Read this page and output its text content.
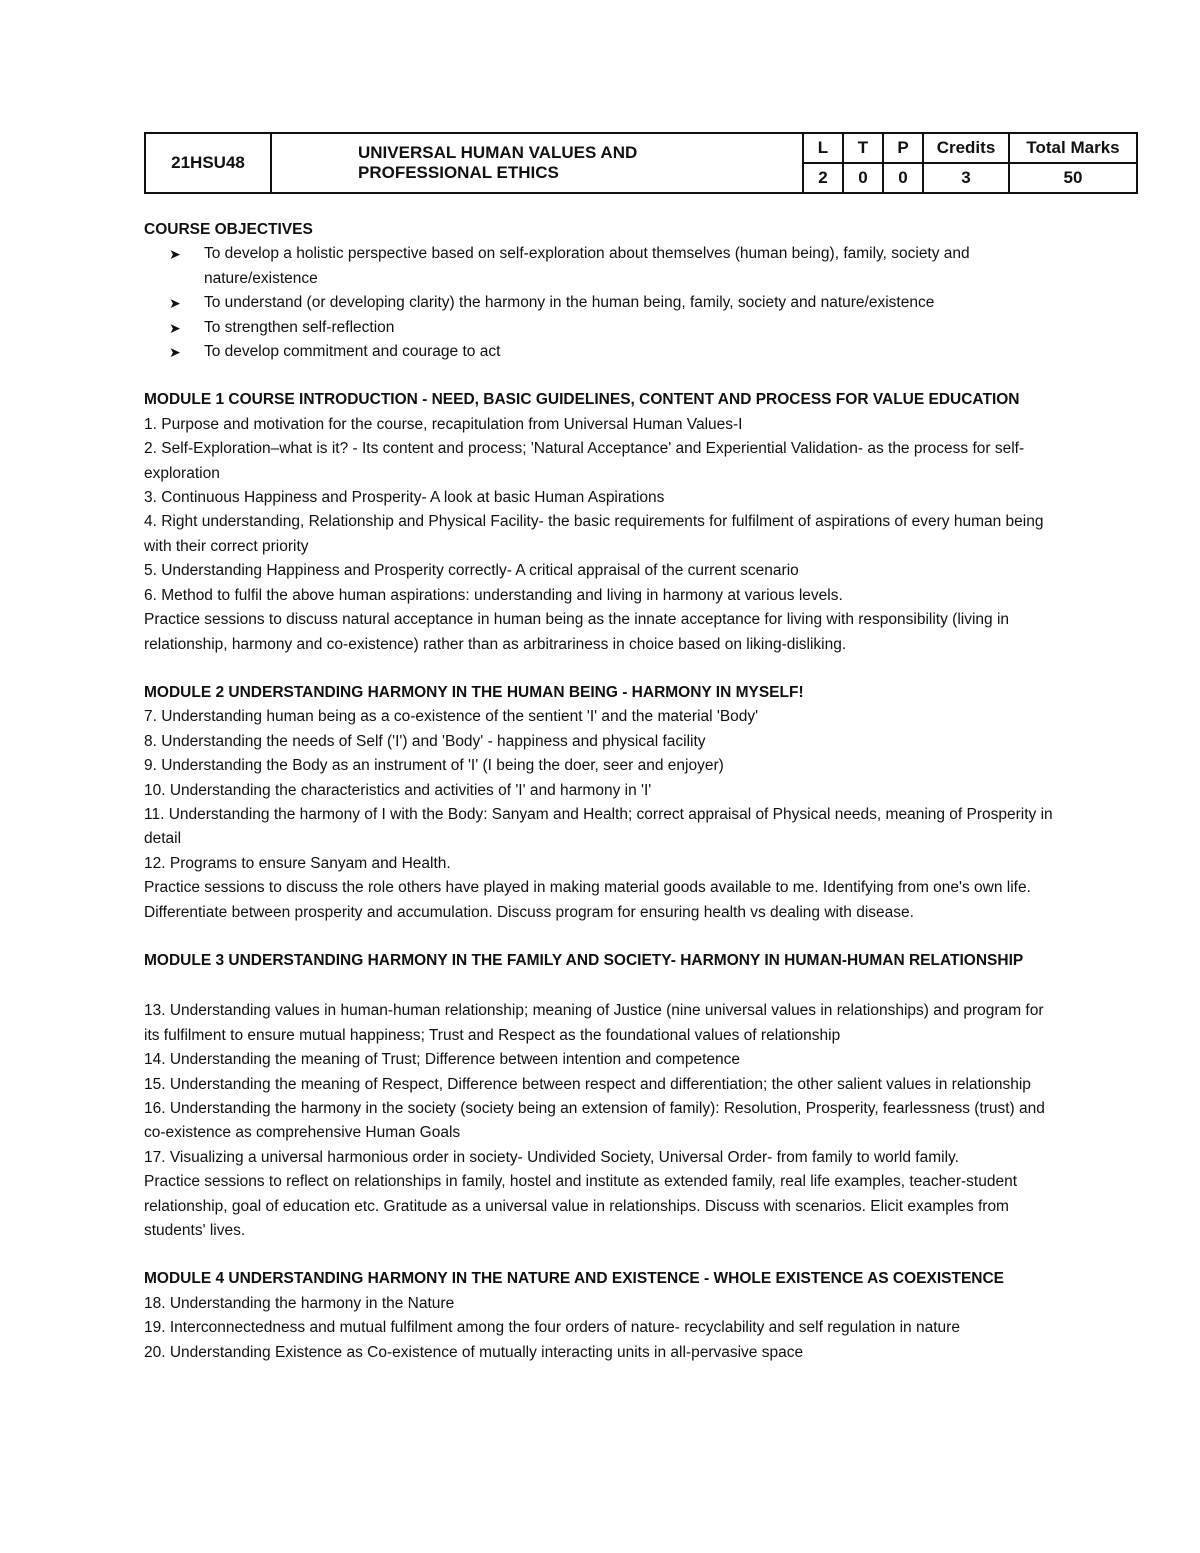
21HSU48	UNIVERSAL HUMAN VALUES AND
PROFESSIONAL ETHICS	L	T	P	Credits	Total Marks
		2	0	0	3	50
COURSE OBJECTIVES
➤ To develop a holistic perspective based on self-exploration about themselves (human being), family, society and nature/existence
➤ To understand (or developing clarity) the harmony in the human being, family, society and nature/existence
➤ To strengthen self-reflection
➤ To develop commitment and courage to act
MODULE 1 COURSE INTRODUCTION - NEED, BASIC GUIDELINES, CONTENT AND PROCESS FOR VALUE EDUCATION
1. Purpose and motivation for the course, recapitulation from Universal Human Values-I
2. Self-Exploration–what is it? - Its content and process; 'Natural Acceptance' and Experiential Validation- as the process for self-exploration
3. Continuous Happiness and Prosperity- A look at basic Human Aspirations
4. Right understanding, Relationship and Physical Facility- the basic requirements for fulfilment of aspirations of every human being with their correct priority
5. Understanding Happiness and Prosperity correctly- A critical appraisal of the current scenario
6. Method to fulfil the above human aspirations: understanding and living in harmony at various levels.
Practice sessions to discuss natural acceptance in human being as the innate acceptance for living with responsibility (living in relationship, harmony and co-existence) rather than as arbitrariness in choice based on liking-disliking.
MODULE 2 UNDERSTANDING HARMONY IN THE HUMAN BEING - HARMONY IN MYSELF!
7. Understanding human being as a co-existence of the sentient 'I' and the material 'Body'
8. Understanding the needs of Self ('I') and 'Body' - happiness and physical facility
9. Understanding the Body as an instrument of 'I' (I being the doer, seer and enjoyer)
10. Understanding the characteristics and activities of 'I' and harmony in 'I'
11. Understanding the harmony of I with the Body: Sanyam and Health; correct appraisal of Physical needs, meaning of Prosperity in detail
12. Programs to ensure Sanyam and Health.
Practice sessions to discuss the role others have played in making material goods available to me. Identifying from one's own life. Differentiate between prosperity and accumulation. Discuss program for ensuring health vs dealing with disease.
MODULE 3 UNDERSTANDING HARMONY IN THE FAMILY AND SOCIETY- HARMONY IN HUMAN-HUMAN RELATIONSHIP
13. Understanding values in human-human relationship; meaning of Justice (nine universal values in relationships) and program for its fulfilment to ensure mutual happiness; Trust and Respect as the foundational values of relationship
14. Understanding the meaning of Trust; Difference between intention and competence
15. Understanding the meaning of Respect, Difference between respect and differentiation; the other salient values in relationship
16. Understanding the harmony in the society (society being an extension of family): Resolution, Prosperity, fearlessness (trust) and co-existence as comprehensive Human Goals
17. Visualizing a universal harmonious order in society- Undivided Society, Universal Order- from family to world family.
Practice sessions to reflect on relationships in family, hostel and institute as extended family, real life examples, teacher-student relationship, goal of education etc. Gratitude as a universal value in relationships. Discuss with scenarios. Elicit examples from students' lives.
MODULE 4 UNDERSTANDING HARMONY IN THE NATURE AND EXISTENCE - WHOLE EXISTENCE AS COEXISTENCE
18. Understanding the harmony in the Nature
19. Interconnectedness and mutual fulfilment among the four orders of nature- recyclability and self regulation in nature
20. Understanding Existence as Co-existence of mutually interacting units in all-pervasive space
